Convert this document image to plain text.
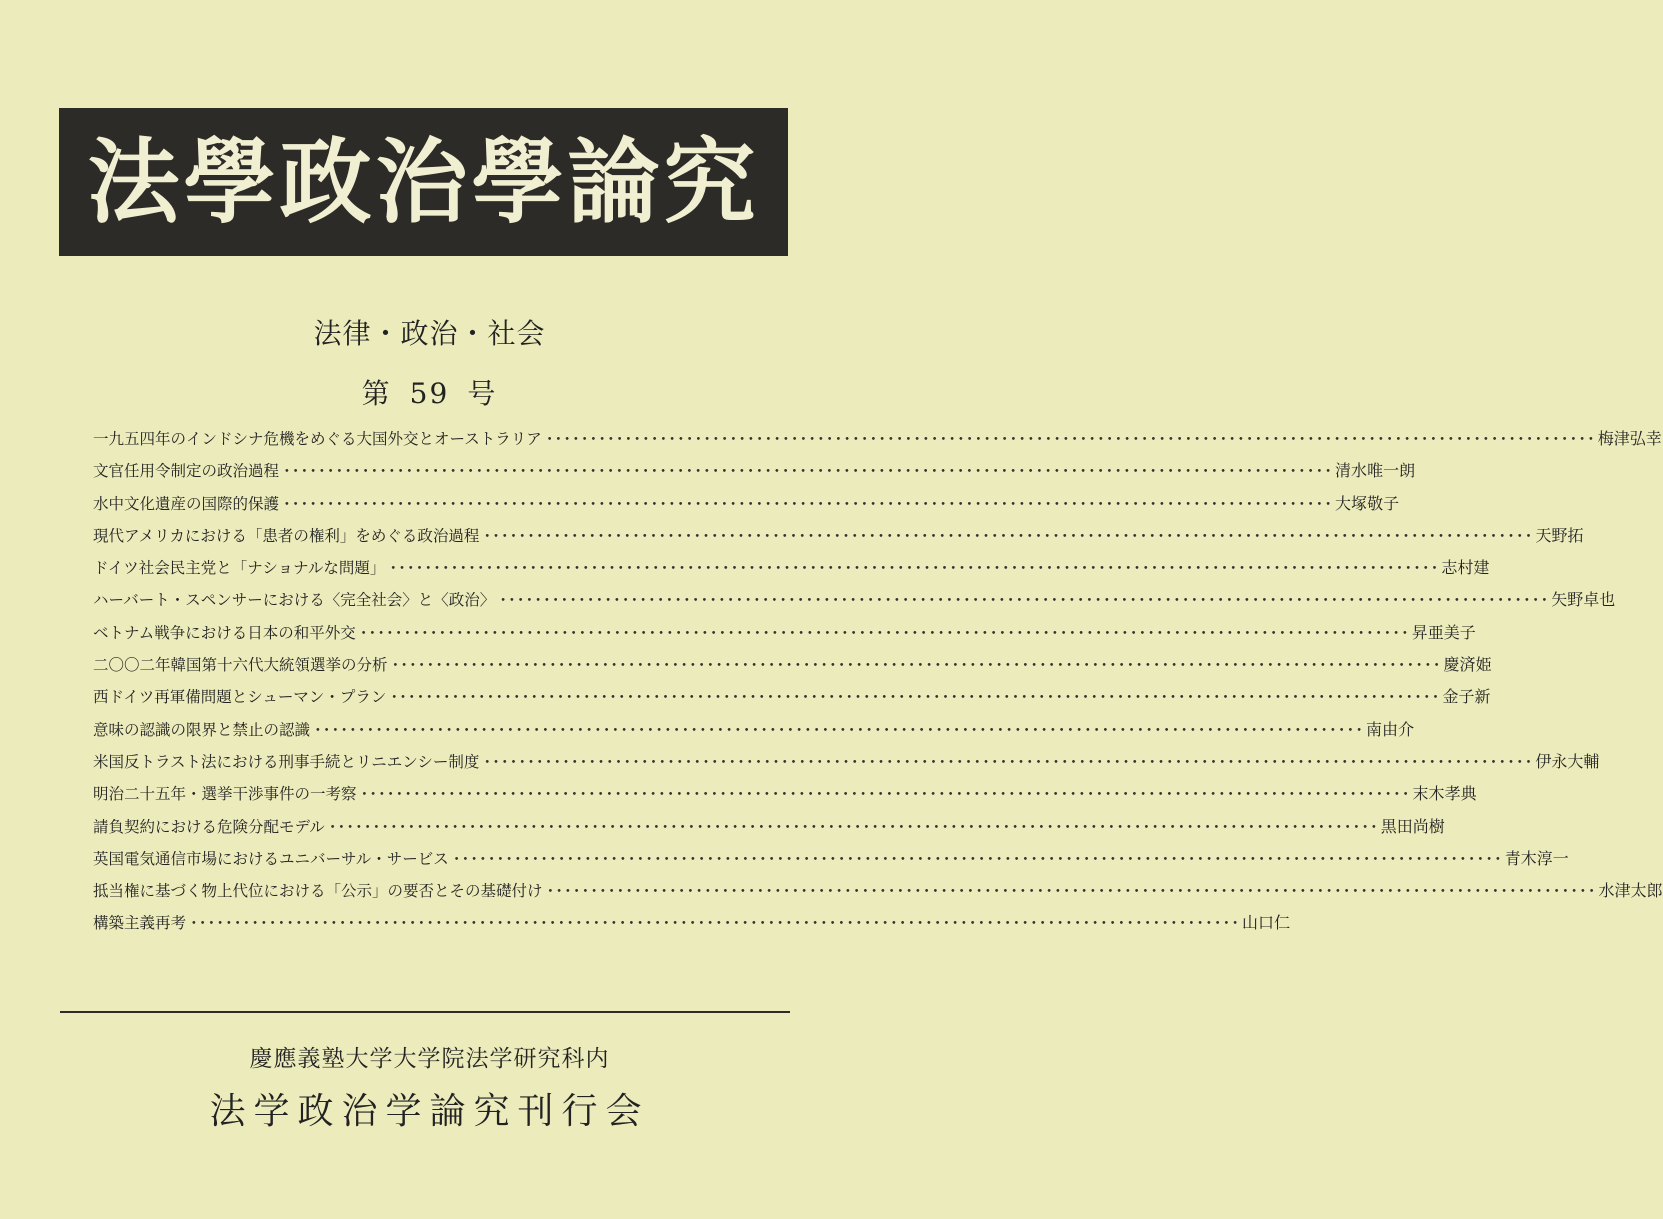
法學政治學論究
法律・政治・社会
第 59 号
一九五四年のインドシナ危機をめぐる大国外交とオーストラリア ････････････････････････････････････････････････････････････････････････････････････････････････････････････････････････ 梅 津 弘 幸
文官任用令制定の政治過程 ････････････････････････････････････････････････････････････････････････････････････････････････････････････････････････ 清 水 唯 一朗
水中文化遺産の国際的保護 ････････････････････････････････････････････････････････････････････････････････････････････････････････････････････････ 大 塚 敬 子
現代アメリカにおける「患者の権利」をめぐる政治過程 ････････････････････････････････････････････････････････････････････････････････････････････････････････････････････････ 天 野 拓
ドイツ社会民主党と「ナショナルな問題」 ････････････････････････････････････････････････････････････････････････････････････････････････････････････････････････ 志 村 建
ハーバート・スペンサーにおける〈完全社会〉と〈政治〉 ････････････････････････････････････････････････････････････････････････････････････････････････････････････････････････ 矢 野 卓 也
ベトナム戦争における日本の和平外交 ････････････････････････････････････････････････････････････････････････････････････････････････････････････････････････ 昇 亜 美子
二〇〇二年韓国第十六代大統領選挙の分析 ････････････････････････････････････････････････････････････････････････････････････････････････････････････････････････ 慶 済 姫
西ドイツ再軍備問題とシューマン・プラン ････････････････････････････････････････････････････････････････････････････････････････････････････････････････････････ 金 子 新
意味の認識の限界と禁止の認識 ････････････････････････････････････････････････････････････････････････････････････････････････････････････････････････ 南 由 介
米国反トラスト法における刑事手続とリニエンシー制度 ････････････････････････････････････････････････････････････････････････････････････････････････････････････････････････ 伊 永 大 輔
明治二十五年・選挙干渉事件の一考察 ････････････････････････････････････････････････････････････････････････････････････････････････････････････････････････ 末 木 孝 典
請負契約における危険分配モデル ････････････････････････････････････････････････････････････････････････････････････････････････････････････････････････ 黒 田 尚 樹
英国電気通信市場におけるユニバーサル・サービス ････････････････････････････････････････････････････････････････････････････････････････････････････････････････････････ 青 木 淳 一
抵当権に基づく物上代位における「公示」の要否とその基礎付け ････････････････････････････････････････････････････････････････････････････････････････････････････････････････････････ 水 津 太 郎
構築主義再考 ････････････････････････････････････････････････････････････････････････････････････････････････････････････････････････ 山 口 仁
慶應義塾大学大学院法学研究科内
法学政治学論究刊行会
